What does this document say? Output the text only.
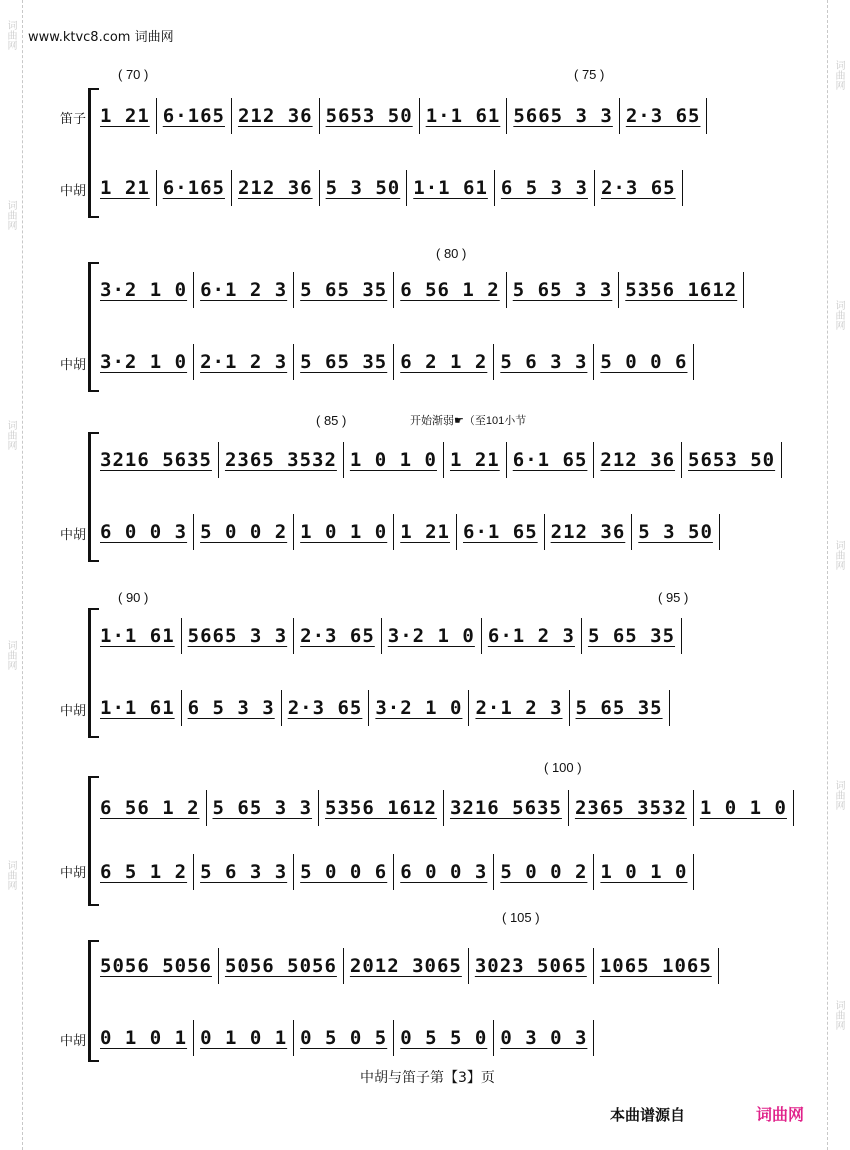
词曲网
词曲网
词曲网
词曲网
词曲网
词曲网
词曲网
词曲网
词曲网
词曲网
www.ktvc8.com 词曲网
( 70 )	( 75 )
( 80 )
( 85 )	开始渐弱☛（至101小节
( 90 )	( 95 )
( 100 )
( 105 )
笛子
中胡
1 21 6·165 212 36 5653 50 1·1 61 5665 3 3 2·3 65
1 21 6·165 212 36 5 3 50 1·1 61 6 5 3 3 2·3 65
中胡
3·2 1 0 6·1 2 3 5 65 35 6 56 1 2 5 65 3 3 5356 1612
3·2 1 0 2·1 2 3 5 65 35 6 2 1 2 5 6 3 3 5 0 0 6
中胡
3216 5635 2365 3532 1 0 1 0 1 21 6·1 65 212 36 5653 50
6 0 0 3 5 0 0 2 1 0 1 0 1 21 6·1 65 212 36 5 3 50
中胡
1·1 61 5665 3 3 2·3 65 3·2 1 0 6·1 2 3 5 65 35
1·1 61 6 5 3 3 2·3 65 3·2 1 0 2·1 2 3 5 65 35
中胡
6 56 1 2 5 65 3 3 5356 1612 3216 5635 2365 3532 1 0 1 0
6 5 1 2 5 6 3 3 5 0 0 6 6 0 0 3 5 0 0 2 1 0 1 0
中胡
5056 5056 5056 5056 2012 3065 3023 5065 1065 1065
0 1 0 1 0 1 0 1 0 5 0 5 0 5 5 0 0 3 0 3
中胡与笛子第【3】页
本曲谱源自	词曲网
